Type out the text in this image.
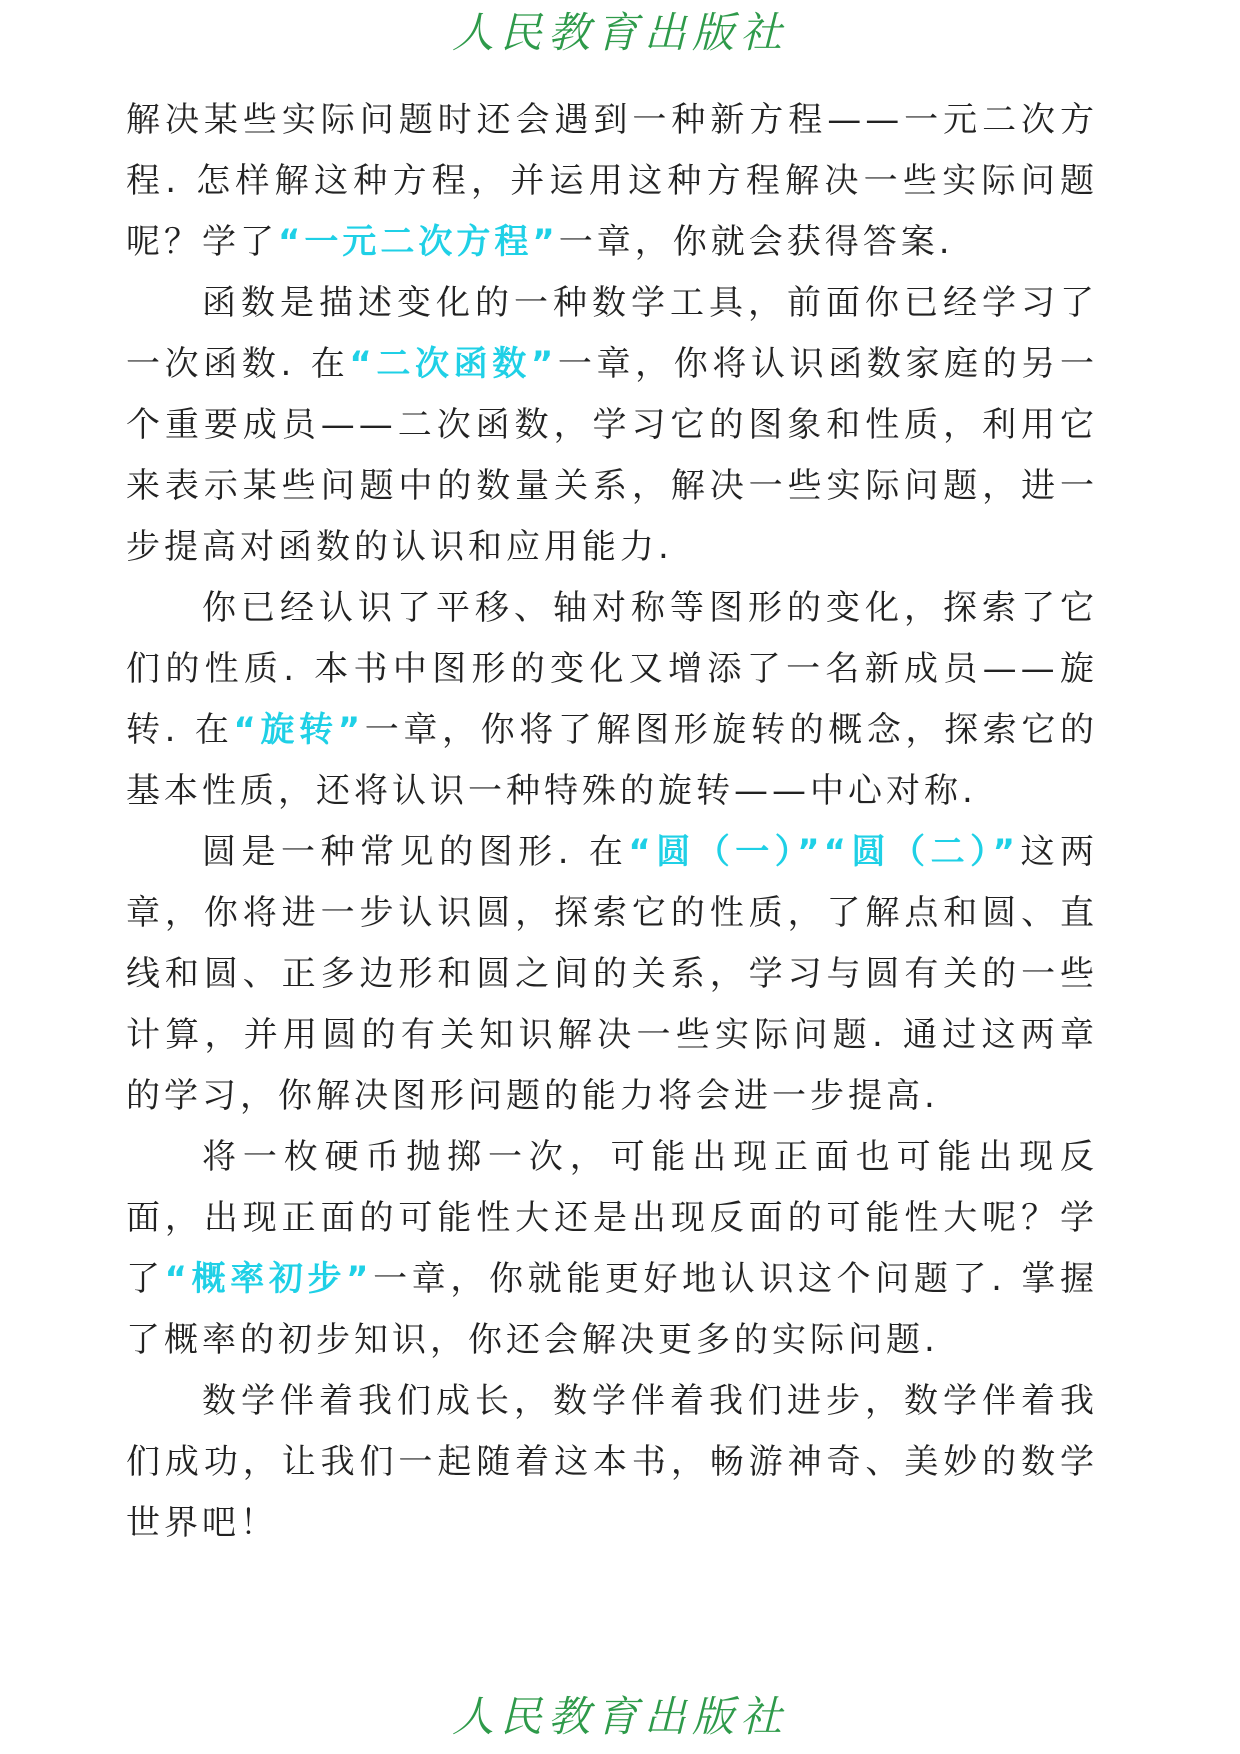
人民教育出版社

解决某些实际问题时还会遇到一种新方程——一元二次方程. 怎样解这种方程，并运用这种方程解决一些实际问题呢？学了“一元二次方程”一章，你就会获得答案.

函数是描述变化的一种数学工具，前面你已经学习了一次函数. 在“二次函数”一章，你将认识函数家庭的另一个重要成员——二次函数，学习它的图象和性质，利用它来表示某些问题中的数量关系，解决一些实际问题，进一步提高对函数的认识和应用能力.

你已经认识了平移、轴对称等图形的变化，探索了它们的性质. 本书中图形的变化又增添了一名新成员——旋转. 在“旋转”一章，你将了解图形旋转的概念，探索它的基本性质，还将认识一种特殊的旋转——中心对称.

圆是一种常见的图形. 在“圆（一）”“圆（二）”这两章，你将进一步认识圆，探索它的性质，了解点和圆、直线和圆、正多边形和圆之间的关系，学习与圆有关的一些计算，并用圆的有关知识解决一些实际问题. 通过这两章的学习，你解决图形问题的能力将会进一步提高.

将一枚硬币抛掷一次，可能出现正面也可能出现反面，出现正面的可能性大还是出现反面的可能性大呢？学了“概率初步”一章，你就能更好地认识这个问题了. 掌握了概率的初步知识，你还会解决更多的实际问题.

数学伴着我们成长，数学伴着我们进步，数学伴着我们成功，让我们一起随着这本书，畅游神奇、美妙的数学世界吧！

人民教育出版社
